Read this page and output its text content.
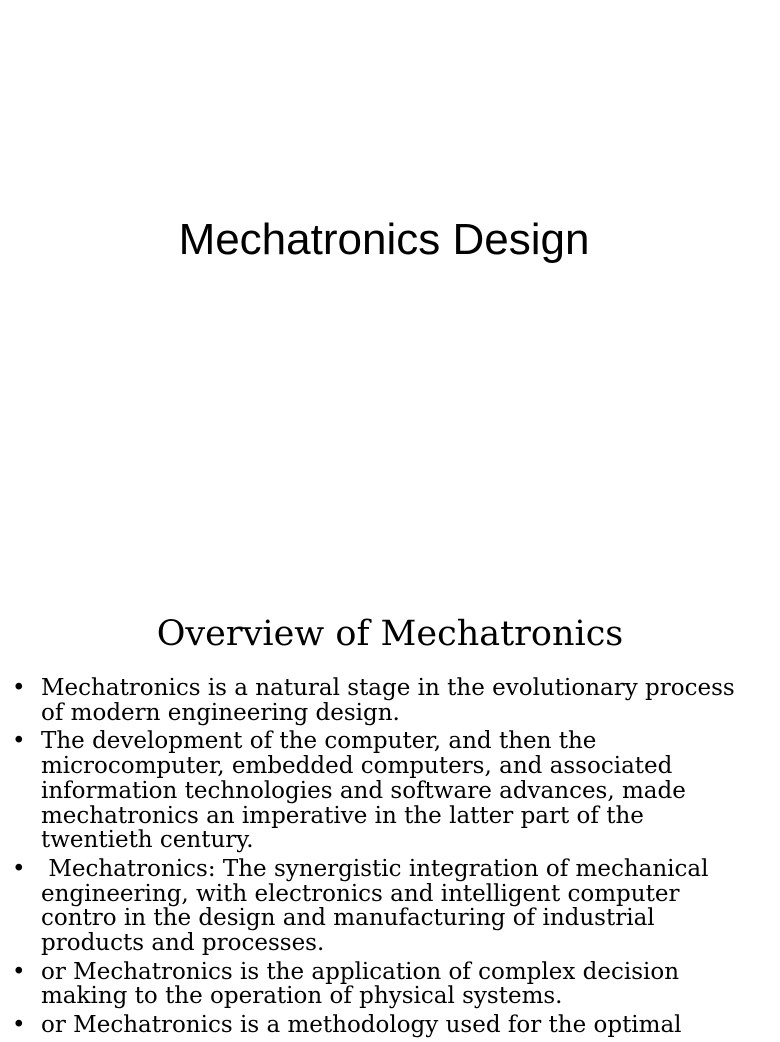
Mechatronics Design
Overview of Mechatronics
• Mechatronics is a natural stage in the evolutionary process of modern engineering design.
• The development of the computer, and then the microcomputer, embedded computers, and associated information technologies and software advances, made mechatronics an imperative in the latter part of the twentieth century.
• Mechatronics: The synergistic integration of mechanical engineering, with electronics and intelligent computer contro in the design and manufacturing of industrial products and processes.
• or Mechatronics is the application of complex decision making to the operation of physical systems.
• or Mechatronics is a methodology used for the optimal
